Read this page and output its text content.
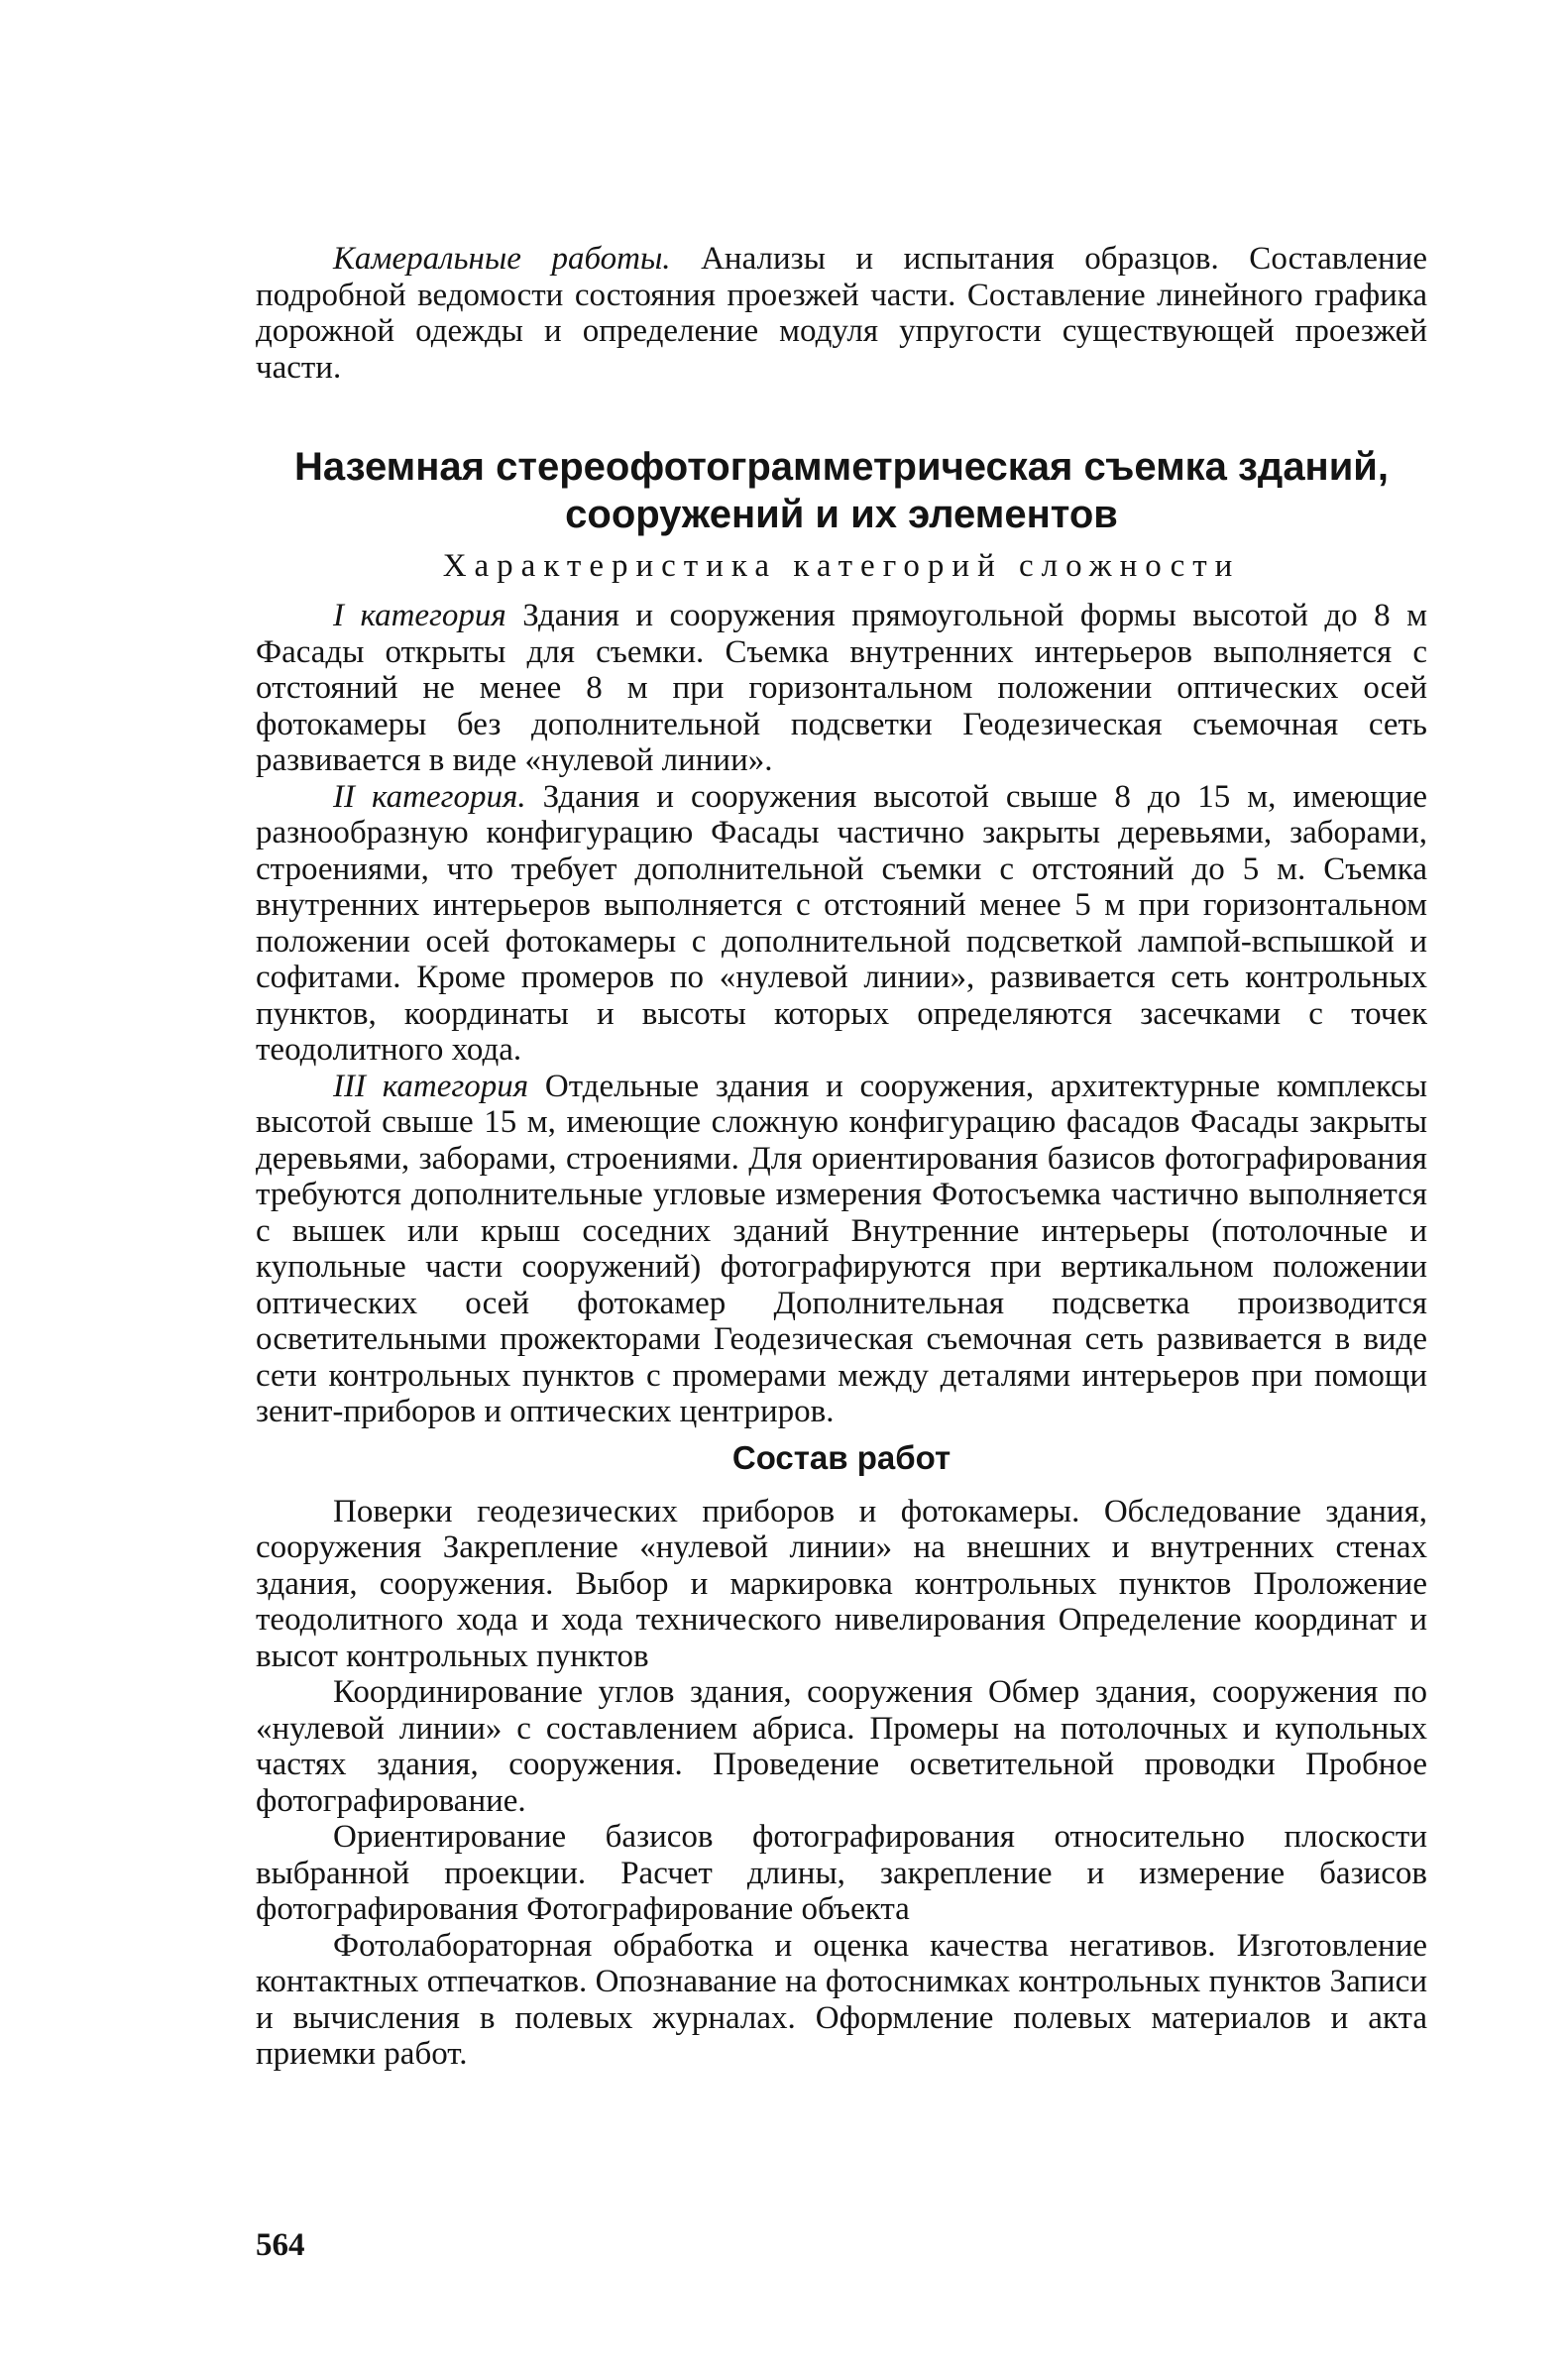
Камеральные работы. Анализы и испытания образцов. Составление подробной ведомости состояния проезжей части. Составление линейного графика дорожной одежды и определение модуля упругости существующей проезжей части.

Наземная стереофотограмметрическая съемка зданий,
сооружений и их элементов
Характеристика категорий сложности

I категория Здания и сооружения прямоугольной формы высотой до 8 м Фасады открыты для съемки. Съемка внутренних интерьеров выполняется с отстояний не менее 8 м при горизонтальном положении оптических осей фотокамеры без дополнительной подсветки Геодезическая съемочная сеть развивается в виде «нулевой линии».

II категория. Здания и сооружения высотой свыше 8 до 15 м, имеющие разнообразную конфигурацию Фасады частично закрыты деревьями, заборами, строениями, что требует дополнительной съемки с отстояний до 5 м. Съемка внутренних интерьеров выполняется с отстояний менее 5 м при горизонтальном положении осей фотокамеры с дополнительной подсветкой лампой-вспышкой и софитами. Кроме промеров по «нулевой линии», развивается сеть контрольных пунктов, координаты и высоты которых определяются засечками с точек теодолитного хода.

III категория Отдельные здания и сооружения, архитектурные комплексы высотой свыше 15 м, имеющие сложную конфигурацию фасадов Фасады закрыты деревьями, заборами, строениями. Для ориентирования базисов фотографирования требуются дополнительные угловые измерения Фотосъемка частично выполняется с вышек или крыш соседних зданий Внутренние интерьеры (потолочные и купольные части сооружений) фотографируются при вертикальном положении оптических осей фотокамер Дополнительная подсветка производится осветительными прожекторами Геодезическая съемочная сеть развивается в виде сети контрольных пунктов с промерами между деталями интерьеров при помощи зенит-приборов и оптических центриров.

Состав работ

Поверки геодезических приборов и фотокамеры. Обследование здания, сооружения Закрепление «нулевой линии» на внешних и внутренних стенах здания, сооружения. Выбор и маркировка контрольных пунктов Проложение теодолитного хода и хода технического нивелирования Определение координат и высот контрольных пунктов

Координирование углов здания, сооружения Обмер здания, сооружения по «нулевой линии» с составлением абриса. Промеры на потолочных и купольных частях здания, сооружения. Проведение осветительной проводки Пробное фотографирование.

Ориентирование базисов фотографирования относительно плоскости выбранной проекции. Расчет длины, закрепление и измерение базисов фотографирования Фотографирование объекта

Фотолабораторная обработка и оценка качества негативов. Изготовление контактных отпечатков. Опознавание на фотоснимках контрольных пунктов Записи и вычисления в полевых журналах. Оформление полевых материалов и акта приемки работ.

564
